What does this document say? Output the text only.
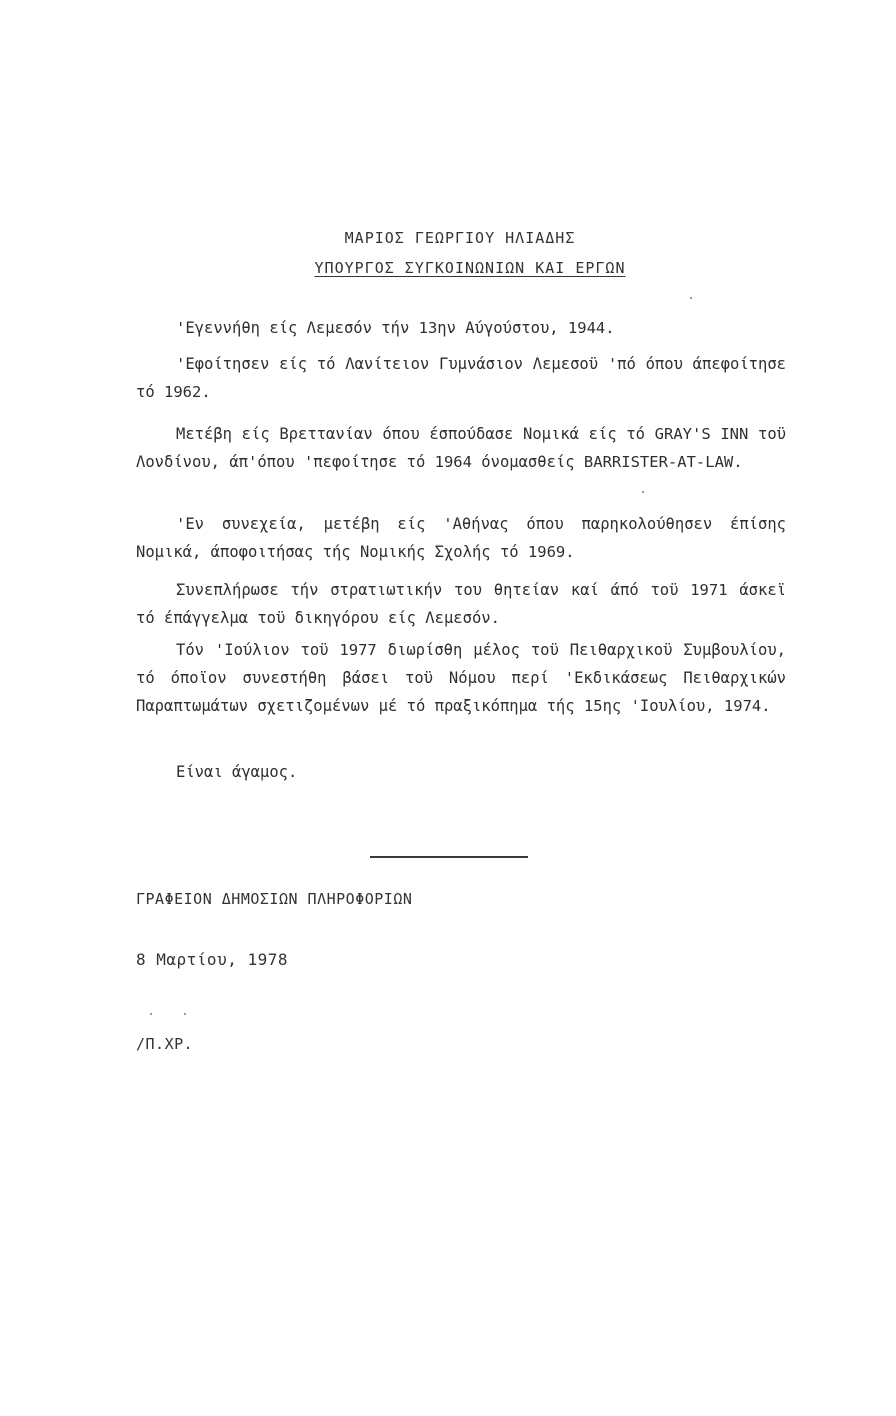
ΜΑΡΙΟΣ ΓΕΩΡΓΙΟΥ ΗΛΙΑΔΗΣ
ΥΠΟΥΡΓΟΣ ΣΥΓΚΟΙΝΩΝΙΩΝ ΚΑΙ ΕΡΓΩΝ
'Εγεννήθη είς Λεμεσόν τήν 13ην Αύγούστου, 1944.
'Εφοίτησεν είς τό Λανίτειον Γυμνάσιον Λεμεσοϋ 'πό όπου άπεφοίτησε τό 1962.
Μετέβη είς Βρεττανίαν όπου έσπούδασε Νομικά είς τό GRAY'S INN τοϋ Λονδίνου, άπ'όπου 'πεφοίτησε τό 1964 όνομασθείς BARRISTER-AT-LAW.
'Εν συνεχεία, μετέβη είς 'Αθήνας όπου παρηκολούθησεν έπίσης Νομικά, άποφοιτήσας τής Νομικής Σχολής τό 1969.
Συνεπλήρωσε τήν στρατιωτικήν του θητείαν καί άπό τοϋ 1971 άσκεϊ τό έπάγγελμα τοϋ δικηγόρου είς Λεμεσόν.
Τόν 'Ιούλιον τοϋ 1977 διωρίσθη μέλος τοϋ Πειθαρχικοϋ Συμβουλίου, τό όποϊον συνεστήθη βάσει τοϋ Νόμου περί 'Εκδικάσεως Πειθαρχικών Παραπτωμάτων σχετιζομένων μέ τό πραξικόπημα τής 15ης 'Ιουλίου, 1974.
Είναι άγαμος.
ΓΡΑΦΕΙΟΝ ΔΗΜΟΣΙΩΝ ΠΛΗΡΟΦΟΡΙΩΝ
8 Μαρτίου, 1978
/Π.ΧΡ.
